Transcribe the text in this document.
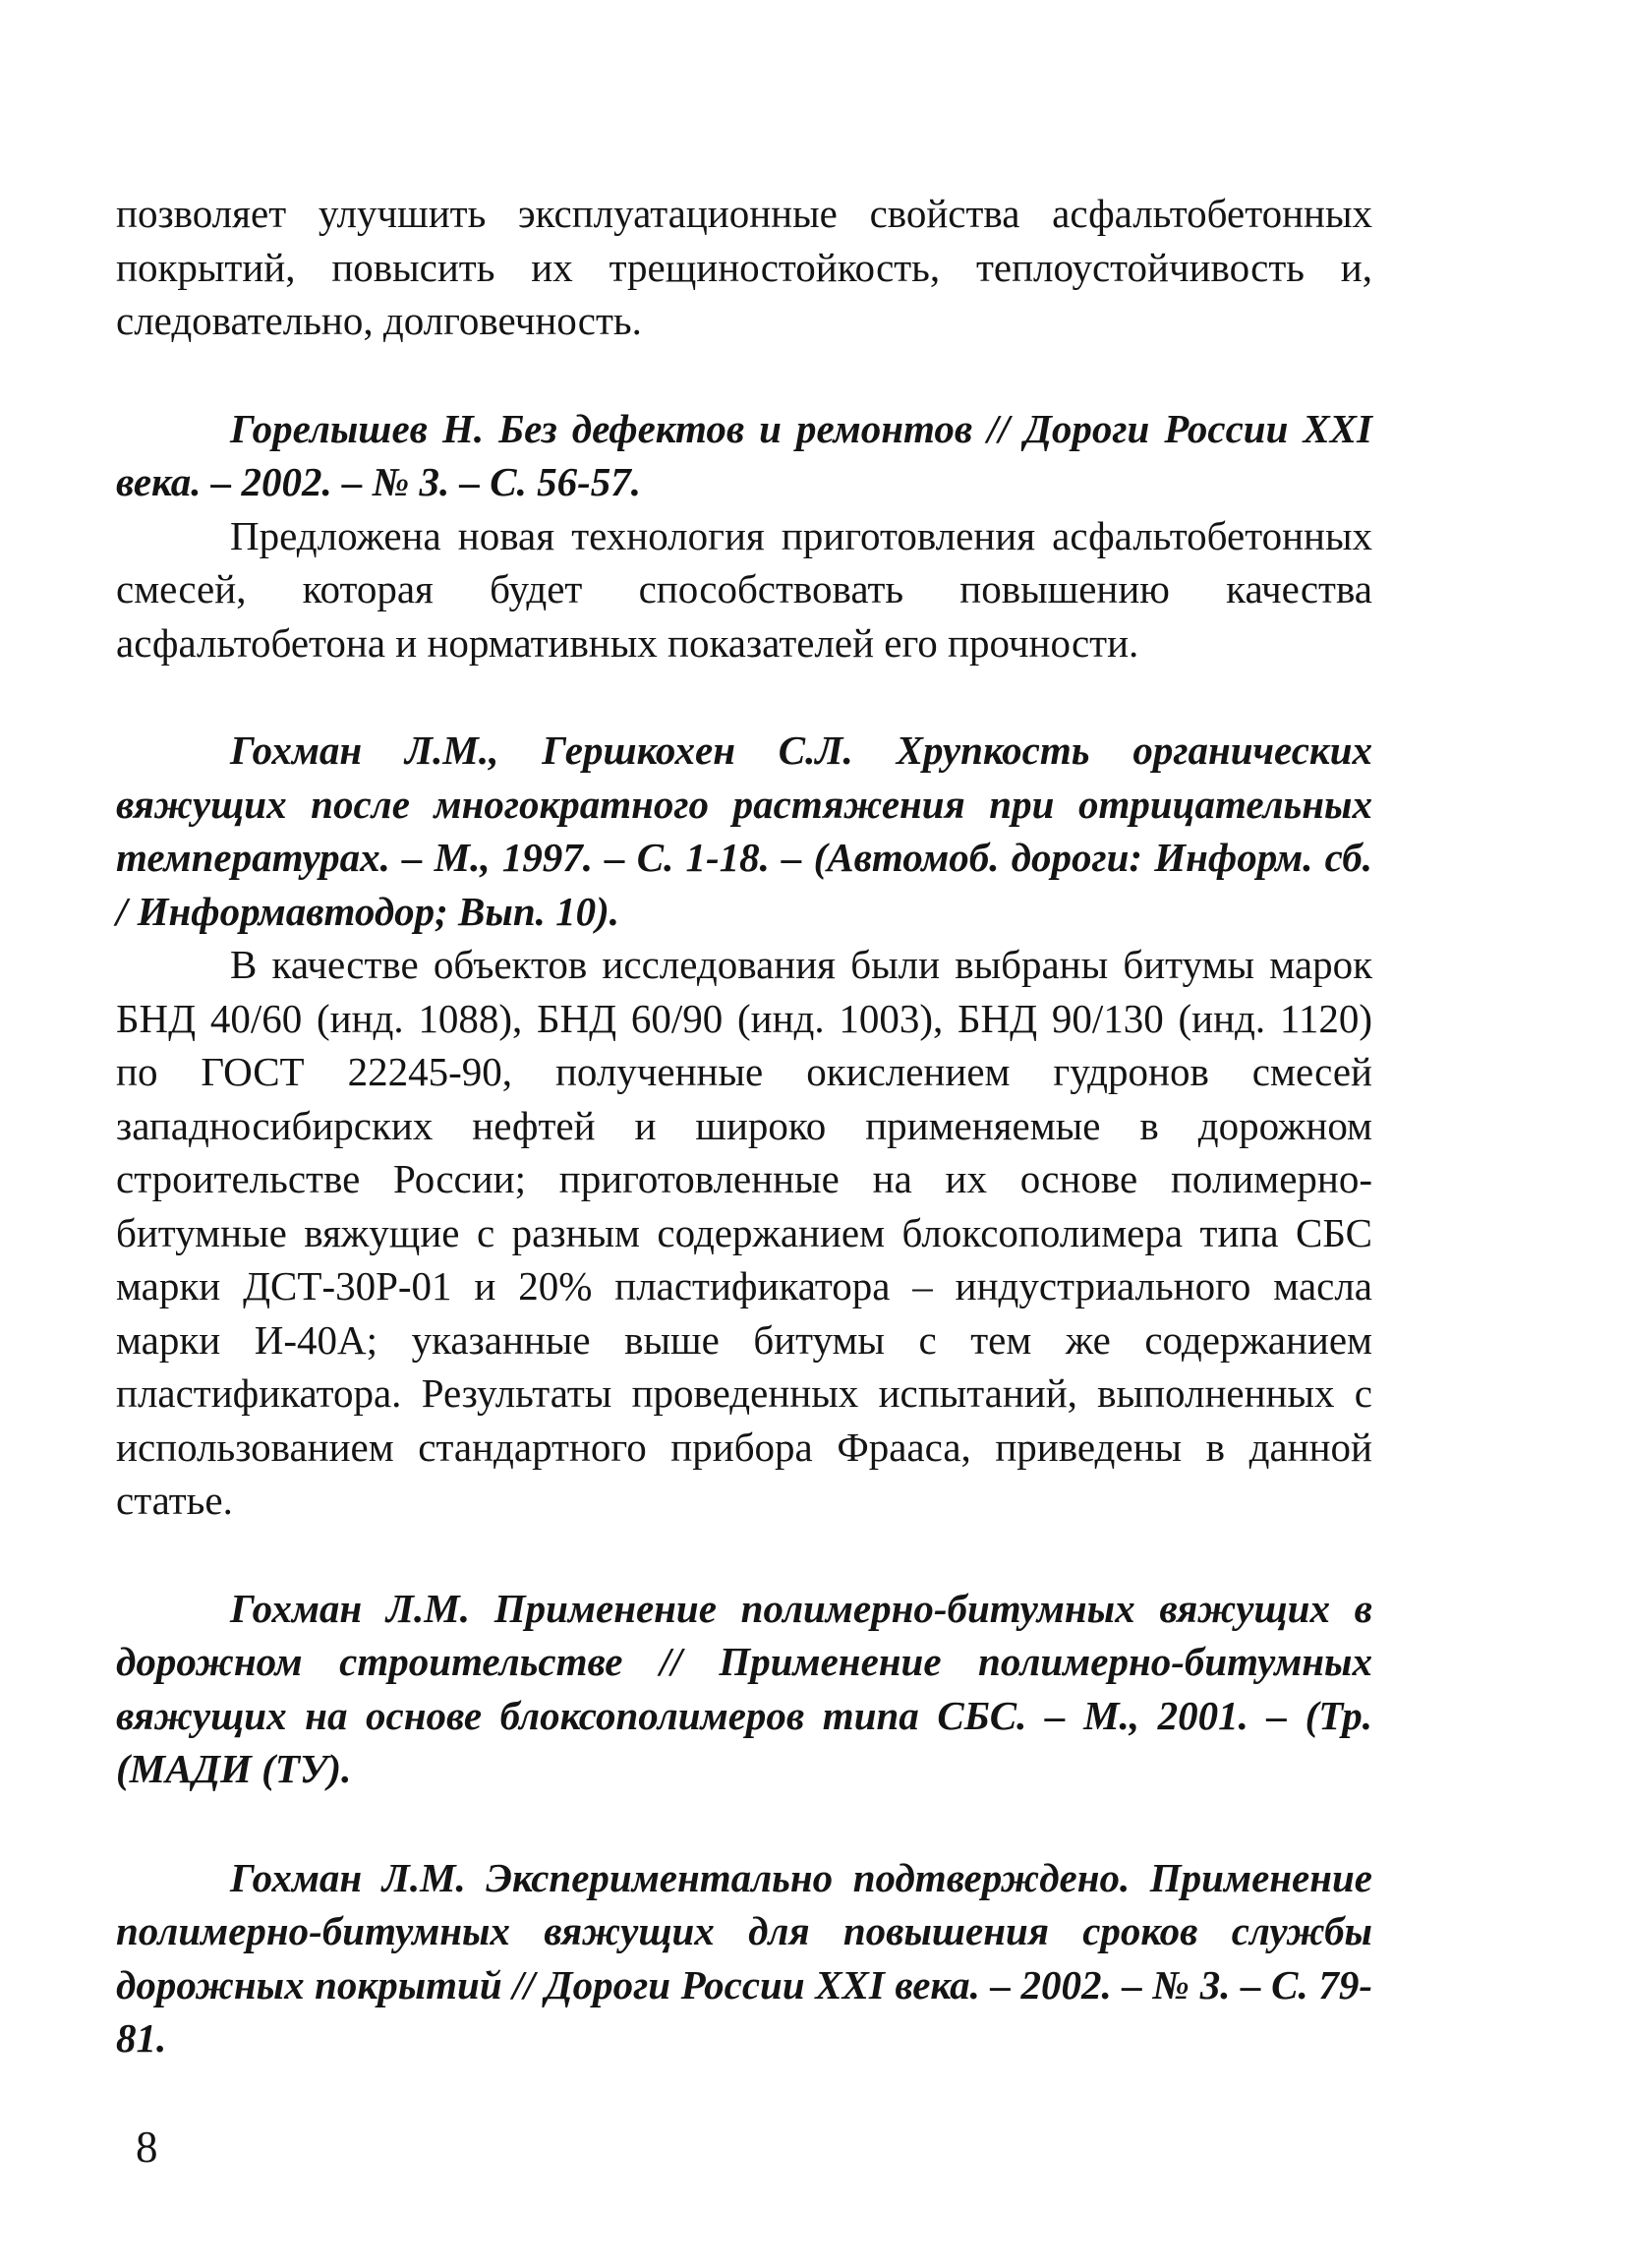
позволяет улучшить эксплуатационные свойства асфальтобетонных покрытий, повысить их трещиностойкость, теплоустойчивость и, следовательно, долговечность.

Горелышев Н. Без дефектов и ремонтов // Дороги России XXI века. – 2002. – № 3. – С. 56-57.

Предложена новая технология приготовления асфальтобетонных смесей, которая будет способствовать повышению качества асфальтобетона и нормативных показателей его прочности.

Гохман Л.М., Гершкохен С.Л. Хрупкость органических вяжущих после многократного растяжения при отрицательных температурах. – М., 1997. – С. 1-18. – (Автомоб. дороги: Информ. сб. / Информавтодор; Вып. 10).

В качестве объектов исследования были выбраны битумы марок БНД 40/60 (инд. 1088), БНД 60/90 (инд. 1003), БНД 90/130 (инд. 1120) по ГОСТ 22245-90, полученные окислением гудронов смесей западносибирских нефтей и широко применяемые в дорожном строительстве России; приготовленные на их основе полимерно-битумные вяжущие с разным содержанием блоксополимера типа СБС марки ДСТ-30Р-01 и 20% пластификатора – индустриального масла марки И-40А; указанные выше битумы с тем же содержанием пластификатора. Результаты проведенных испытаний, выполненных с использованием стандартного прибора Фрааса, приведены в данной статье.

Гохман Л.М. Применение полимерно-битумных вяжущих в дорожном строительстве // Применение полимерно-битумных вяжущих на основе блоксополимеров типа СБС. – М., 2001. – (Тр. (МАДИ (ТУ).

Гохман Л.М. Экспериментально подтверждено. Применение полимерно-битумных вяжущих для повышения сроков службы дорожных покрытий // Дороги России XXI века. – 2002. – № 3. – С. 79-81.

8
